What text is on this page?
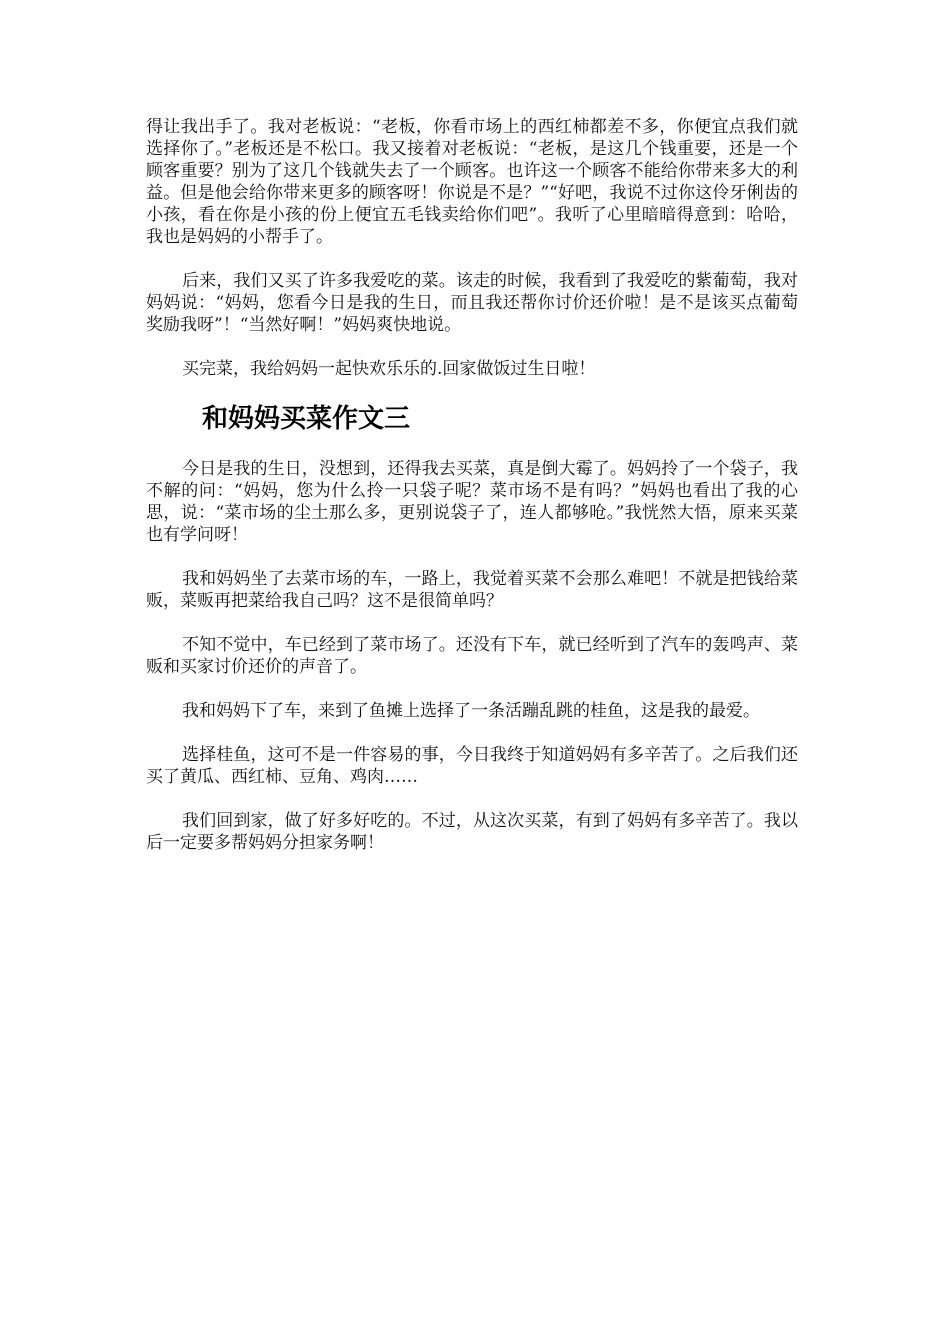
得让我出手了。我对老板说：“老板，你看市场上的西红柿都差不多，你便宜点我们就选择你了。”老板还是不松口。我又接着对老板说：“老板，是这几个钱重要，还是一个顾客重要？别为了这几个钱就失去了一个顾客。也许这一个顾客不能给你带来多大的利益。但是他会给你带来更多的顾客呀！你说是不是？”“好吧，我说不过你这伶牙俐齿的小孩，看在你是小孩的份上便宜五毛钱卖给你们吧”。我听了心里暗暗得意到：哈哈，我也是妈妈的小帮手了。

后来，我们又买了许多我爱吃的菜。该走的时候，我看到了我爱吃的紫葡萄，我对妈妈说：“妈妈，您看今日是我的生日，而且我还帮你讨价还价啦！是不是该买点葡萄奖励我呀”！“当然好啊！”妈妈爽快地说。

买完菜，我给妈妈一起快欢乐乐的.回家做饭过生日啦！

和妈妈买菜作文三

今日是我的生日，没想到，还得我去买菜，真是倒大霉了。妈妈拎了一个袋子，我不解的问：“妈妈，您为什么拎一只袋子呢？菜市场不是有吗？”妈妈也看出了我的心思，说：“菜市场的尘土那么多，更别说袋子了，连人都够呛。”我恍然大悟，原来买菜也有学问呀！

我和妈妈坐了去菜市场的车，一路上，我觉着买菜不会那么难吧！不就是把钱给菜贩，菜贩再把菜给我自己吗？这不是很简单吗？

不知不觉中，车已经到了菜市场了。还没有下车，就已经听到了汽车的轰鸣声、菜贩和买家讨价还价的声音了。

我和妈妈下了车，来到了鱼摊上选择了一条活蹦乱跳的桂鱼，这是我的最爱。

选择桂鱼，这可不是一件容易的事，今日我终于知道妈妈有多辛苦了。之后我们还买了黄瓜、西红柿、豆角、鸡肉……

我们回到家，做了好多好吃的。不过，从这次买菜，有到了妈妈有多辛苦了。我以后一定要多帮妈妈分担家务啊！
